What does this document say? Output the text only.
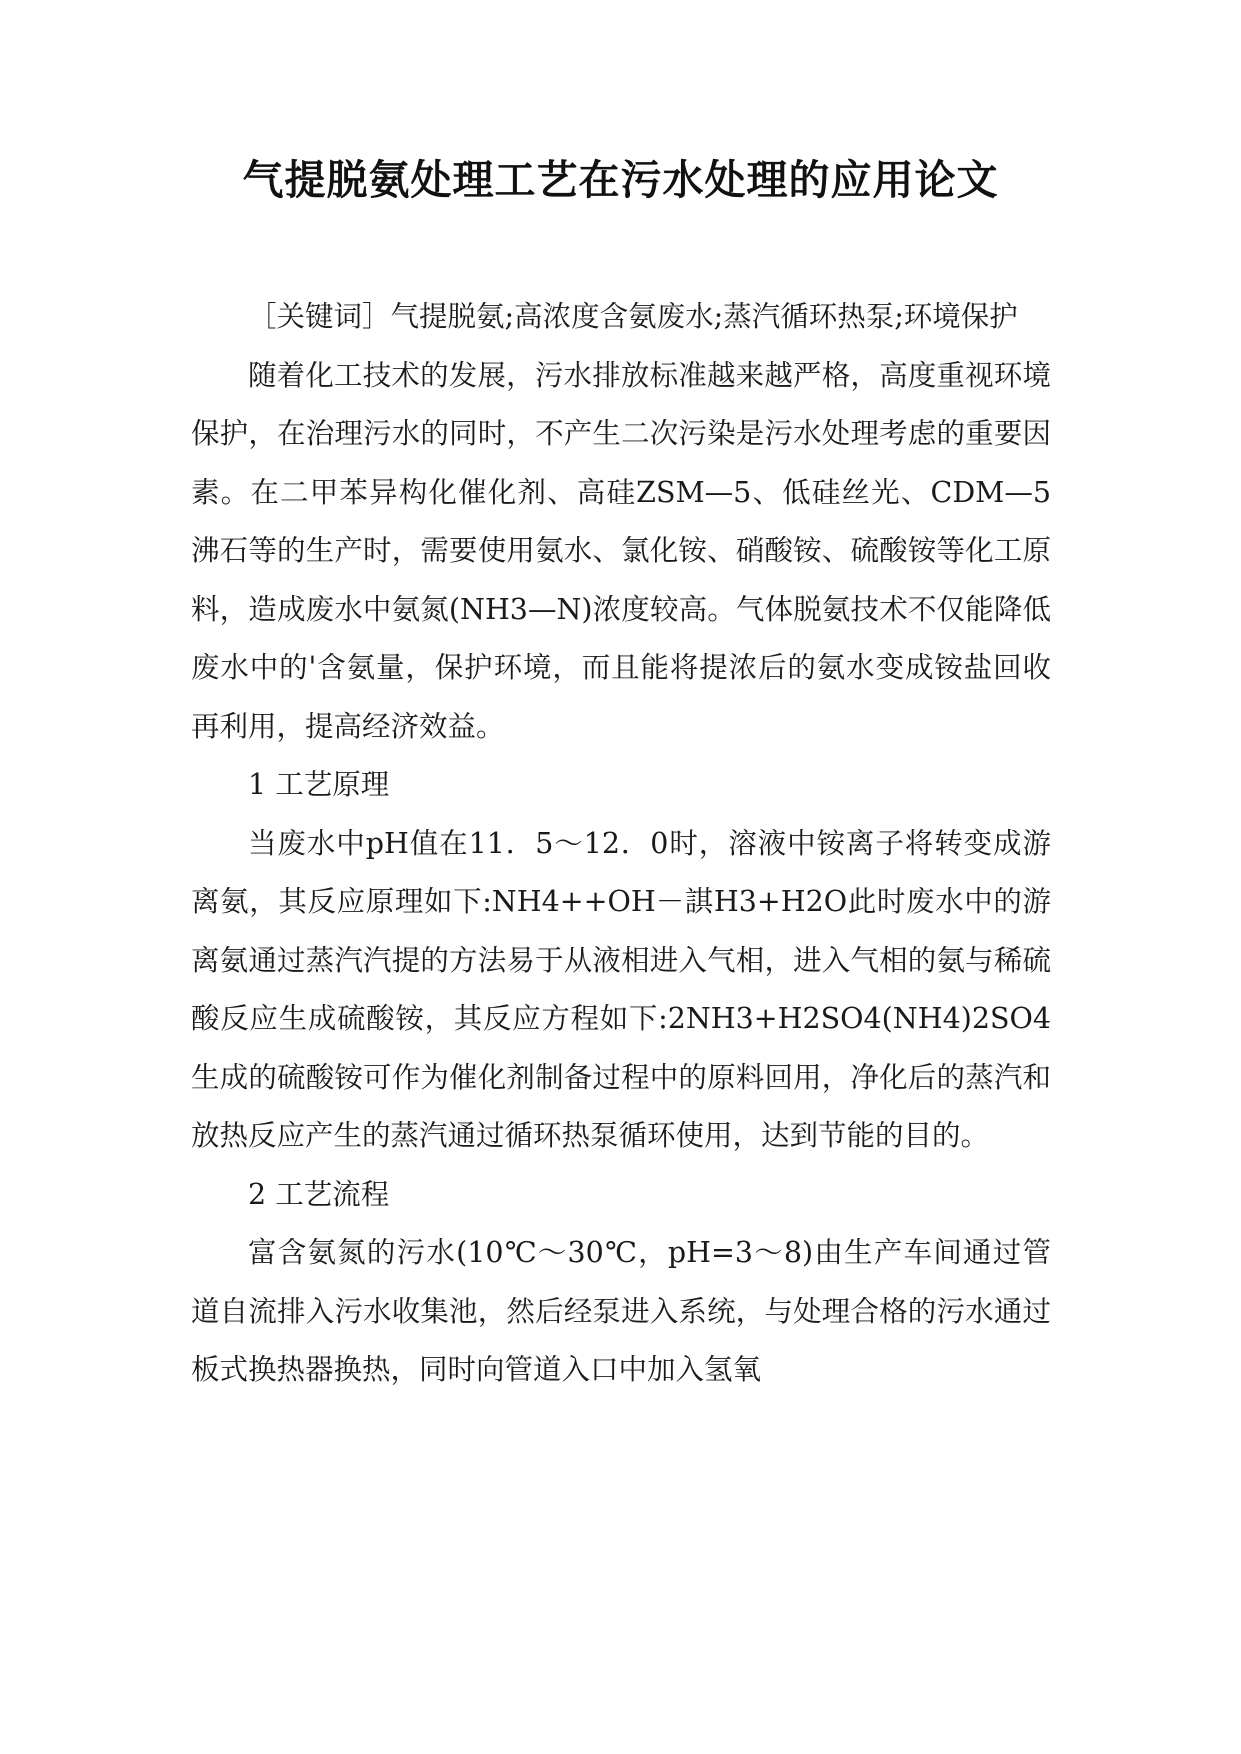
气提脱氨处理工艺在污水处理的应用论文

［关键词］气提脱氨;高浓度含氨废水;蒸汽循环热泵;环境保护

随着化工技术的发展，污水排放标准越来越严格，高度重视环境保护，在治理污水的同时，不产生二次污染是污水处理考虑的重要因素。在二甲苯异构化催化剂、高硅ZSM—5、低硅丝光、CDM—5沸石等的生产时，需要使用氨水、氯化铵、硝酸铵、硫酸铵等化工原料，造成废水中氨氮(NH3—N)浓度较高。气体脱氨技术不仅能降低废水中的'含氨量，保护环境，而且能将提浓后的氨水变成铵盐回收再利用，提高经济效益。

1 工艺原理

当废水中pH值在11．5～12．0时，溶液中铵离子将转变成游离氨，其反应原理如下:NH4++OH－諆H3+H2O此时废水中的游离氨通过蒸汽汽提的方法易于从液相进入气相，进入气相的氨与稀硫酸反应生成硫酸铵，其反应方程如下:2NH3+H2SO4(NH4)2SO4生成的硫酸铵可作为催化剂制备过程中的原料回用，净化后的蒸汽和放热反应产生的蒸汽通过循环热泵循环使用，达到节能的目的。

2 工艺流程

富含氨氮的污水(10℃～30℃，pH=3～8)由生产车间通过管道自流排入污水收集池，然后经泵进入系统，与处理合格的污水通过板式换热器换热，同时向管道入口中加入氢氧
